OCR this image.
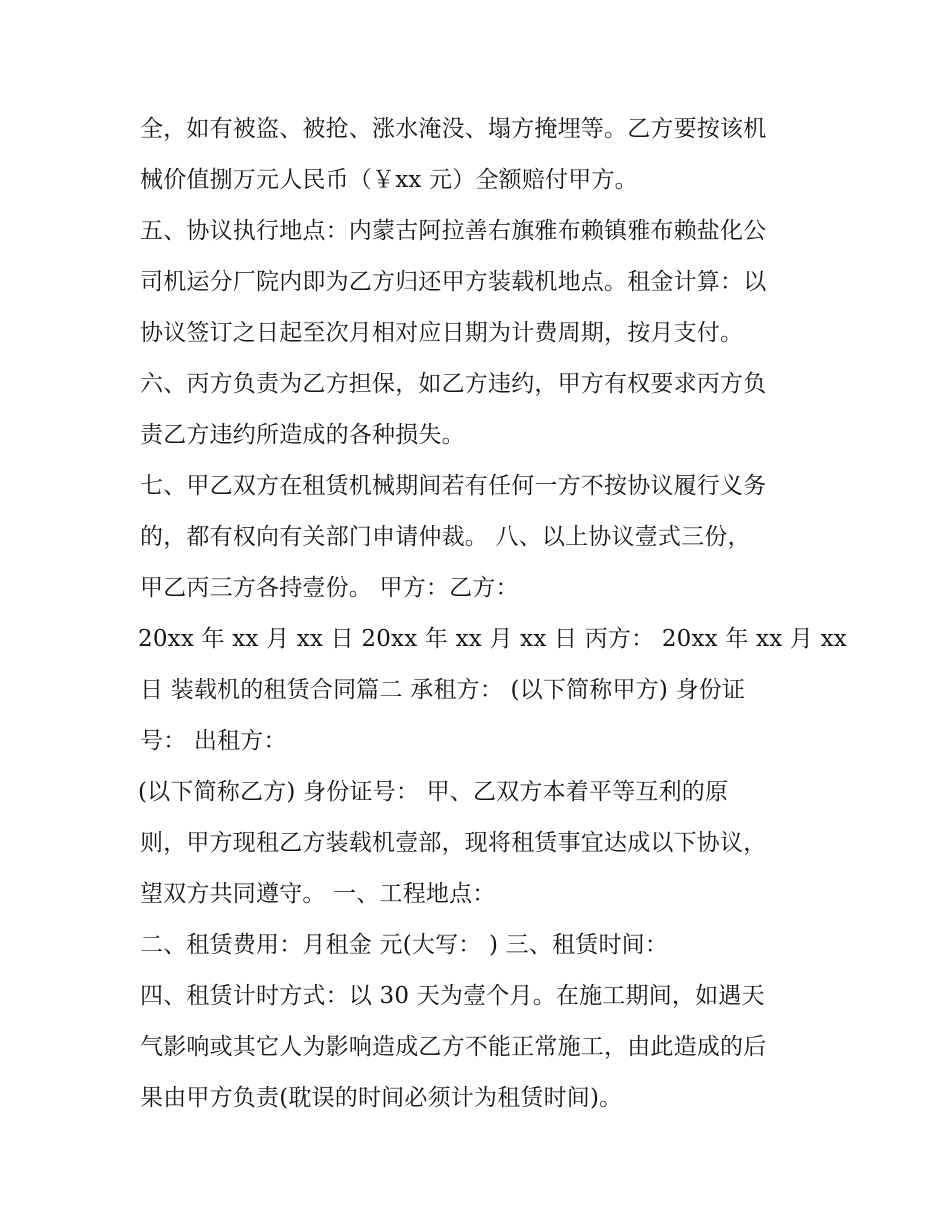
全，如有被盗、被抢、涨水淹没、塌方掩埋等。乙方要按该机
械价值捌万元人民币（￥xx 元）全额赔付甲方。
五、协议执行地点：内蒙古阿拉善右旗雅布赖镇雅布赖盐化公
司机运分厂院内即为乙方归还甲方装载机地点。租金计算：以
协议签订之日起至次月相对应日期为计费周期，按月支付。
六、丙方负责为乙方担保，如乙方违约，甲方有权要求丙方负
责乙方违约所造成的各种损失。
七、甲乙双方在租赁机械期间若有任何一方不按协议履行义务
的，都有权向有关部门申请仲裁。 八、以上协议壹式三份，
甲乙丙三方各持壹份。 甲方：乙方：
20xx 年 xx 月 xx 日 20xx 年 xx 月 xx 日 丙方： 20xx 年 xx 月 xx
日 装载机的租赁合同篇二 承租方： (以下简称甲方) 身份证
号： 出租方：
(以下简称乙方) 身份证号： 甲、乙双方本着平等互利的原
则，甲方现租乙方装载机壹部，现将租赁事宜达成以下协议，
望双方共同遵守。 一、工程地点：
二、租赁费用：月租金 元(大写： ) 三、租赁时间：
四、租赁计时方式：以 30 天为壹个月。在施工期间，如遇天
气影响或其它人为影响造成乙方不能正常施工，由此造成的后
果由甲方负责(耽误的时间必须计为租赁时间)。
